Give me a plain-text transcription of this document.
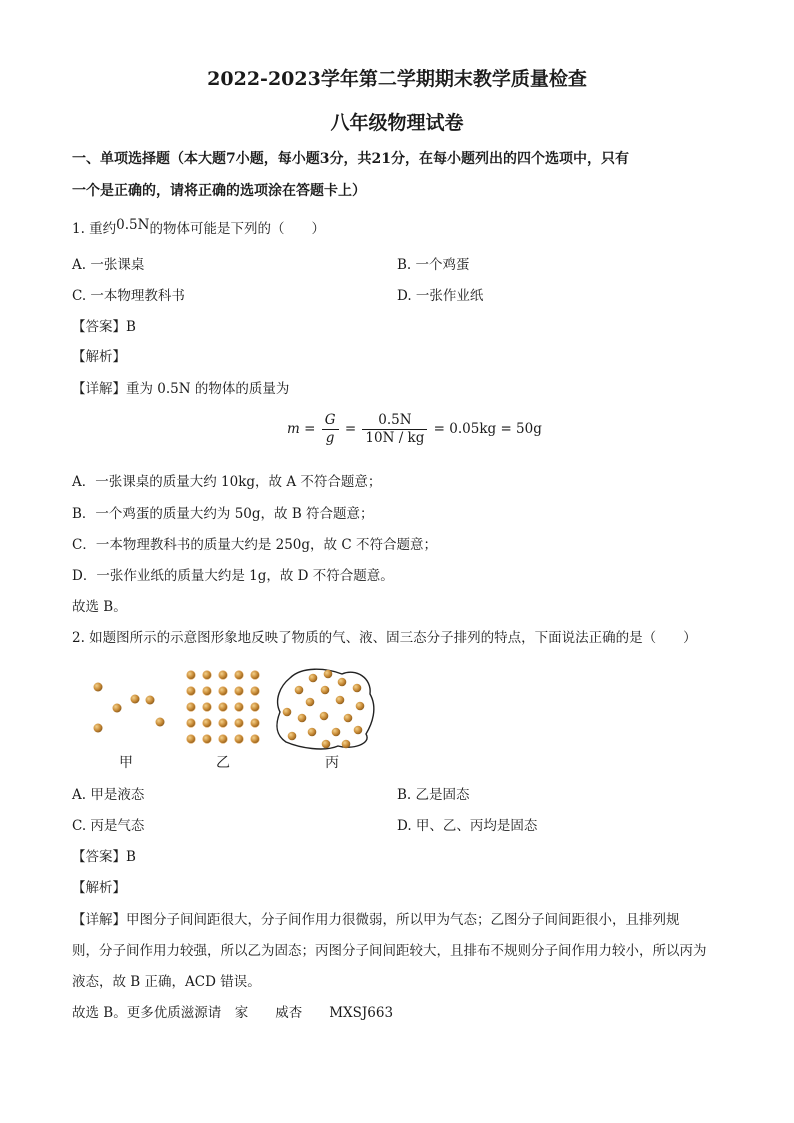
2022-2023学年第二学期期末教学质量检查
八年级物理试卷
一、单项选择题（本大题7小题，每小题3分，共21分，在每小题列出的四个选项中，只有
一个是正确的，请将正确的选项涂在答题卡上）
1. 重约0.5N的物体可能是下列的（　　）
A. 一张课桌	B. 一个鸡蛋
C. 一本物理教科书	D. 一张作业纸
【答案】B
【解析】
【详解】重为 0.5N 的物体的质量为
$m = \frac{G}{g} = \frac{0.5N}{10N / kg} = 0.05kg = 50g$
A．一张课桌的质量大约 10kg，故 A 不符合题意；
B．一个鸡蛋的质量大约为 50g，故 B 符合题意；
C．一本物理教科书的质量大约是 250g，故 C 不符合题意；
D．一张作业纸的质量大约是 1g，故 D 不符合题意。
故选 B。
2. 如题图所示的示意图形象地反映了物质的气、液、固三态分子排列的特点，下面说法正确的是（　　）
甲	乙	丙
A. 甲是液态	B. 乙是固态
C. 丙是气态	D. 甲、乙、丙均是固态
【答案】B
【解析】
【详解】甲图分子间间距很大，分子间作用力很微弱，所以甲为气态；乙图分子间间距很小，且排列规
则，分子间作用力较强，所以乙为固态；丙图分子间间距较大，且排布不规则分子间作用力较小，所以丙为
液态，故 B 正确，ACD 错误。
故选 B。更多优质滋源请　家　　威杏　　MXSJ663
